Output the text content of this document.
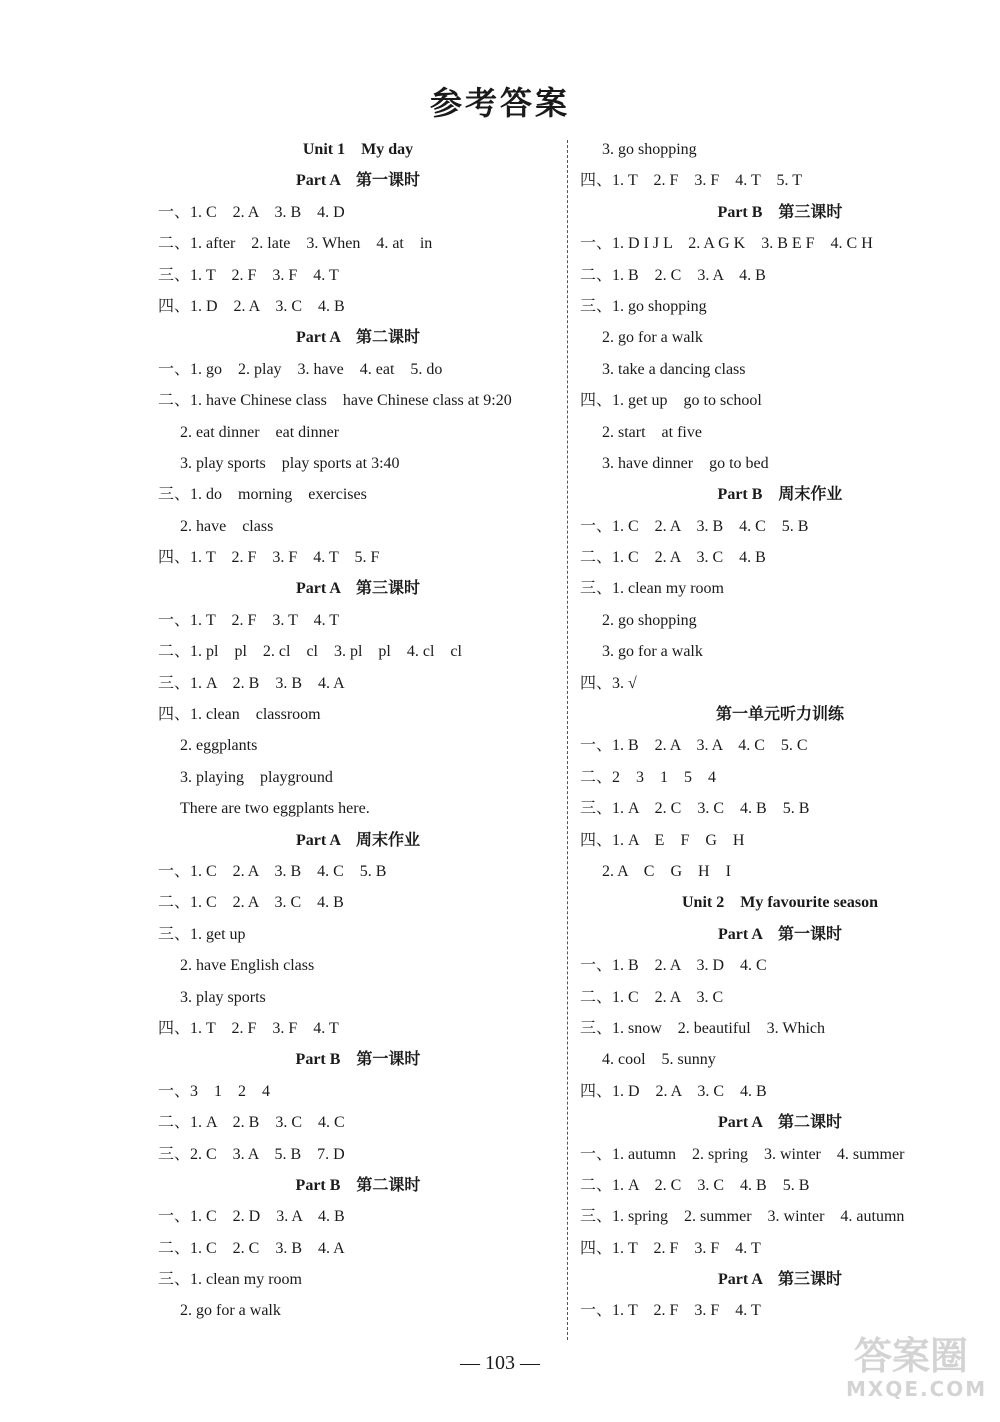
参考答案
Unit 1    My day
Part A    第一课时
一、1. C    2. A    3. B    4. D
二、1. after    2. late    3. When    4. at    in
三、1. T    2. F    3. F    4. T
四、1. D    2. A    3. C    4. B
Part A    第二课时
一、1. go    2. play    3. have    4. eat    5. do
二、1. have Chinese class    have Chinese class at 9:20
2. eat dinner    eat dinner
3. play sports    play sports at 3:40
三、1. do    morning    exercises
2. have    class
四、1. T    2. F    3. F    4. T    5. F
Part A    第三课时
一、1. T    2. F    3. T    4. T
二、1. pl    pl    2. cl    cl    3. pl    pl    4. cl    cl
三、1. A    2. B    3. B    4. A
四、1. clean    classroom
2. eggplants
3. playing    playground
There are two eggplants here.
Part A    周末作业
一、1. C    2. A    3. B    4. C    5. B
二、1. C    2. A    3. C    4. B
三、1. get up
2. have English class
3. play sports
四、1. T    2. F    3. F    4. T
Part B    第一课时
一、3    1    2    4
二、1. A    2. B    3. C    4. C
三、2. C    3. A    5. B    7. D
Part B    第二课时
一、1. C    2. D    3. A    4. B
二、1. C    2. C    3. B    4. A
三、1. clean my room
2. go for a walk
3. go shopping
四、1. T    2. F    3. F    4. T    5. T
Part B    第三课时
一、1. D I J L    2. A G K    3. B E F    4. C H
二、1. B    2. C    3. A    4. B
三、1. go shopping
2. go for a walk
3. take a dancing class
四、1. get up    go to school
2. start    at five
3. have dinner    go to bed
Part B    周末作业
一、1. C    2. A    3. B    4. C    5. B
二、1. C    2. A    3. C    4. B
三、1. clean my room
2. go shopping
3. go for a walk
四、3. √
第一单元听力训练
一、1. B    2. A    3. A    4. C    5. C
二、2    3    1    5    4
三、1. A    2. C    3. C    4. B    5. B
四、1. A    E    F    G    H
2. A    C    G    H    I
Unit 2    My favourite season
Part A    第一课时
一、1. B    2. A    3. D    4. C
二、1. C    2. A    3. C
三、1. snow    2. beautiful    3. Which
4. cool    5. sunny
四、1. D    2. A    3. C    4. B
Part A    第二课时
一、1. autumn    2. spring    3. winter    4. summer
二、1. A    2. C    3. C    4. B    5. B
三、1. spring    2. summer    3. winter    4. autumn
四、1. T    2. F    3. F    4. T
Part A    第三课时
一、1. T    2. F    3. F    4. T
— 103 —	答案圈
MXQE.COM
